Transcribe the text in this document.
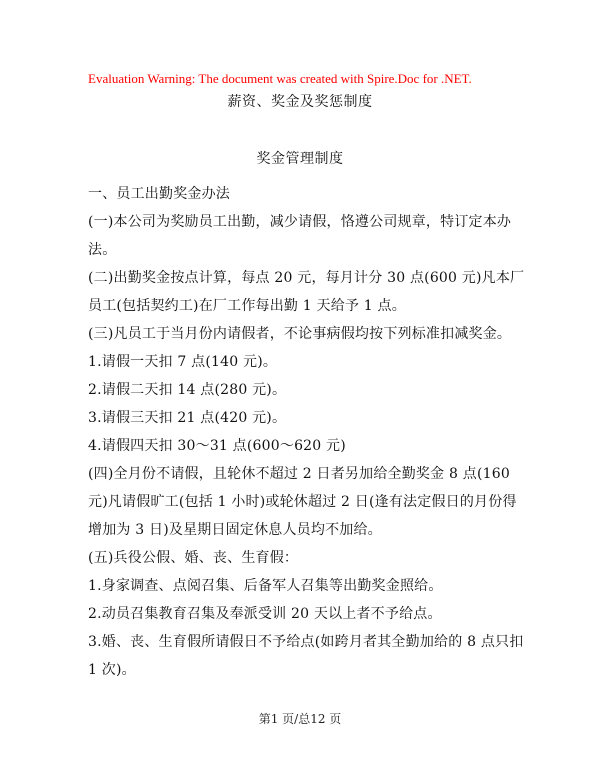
Evaluation Warning: The document was created with Spire.Doc for .NET.
薪资、奖金及奖惩制度
奖金管理制度

一、员工出勤奖金办法

(一)本公司为奖励员工出勤，减少请假，恪遵公司规章，特订定本办法。

(二)出勤奖金按点计算，每点 20 元，每月计分 30 点(600 元)凡本厂员工(包括契约工)在厂工作每出勤 1 天给予 1 点。

(三)凡员工于当月份内请假者，不论事病假均按下列标准扣减奖金。

1.请假一天扣 7 点(140 元)。

2.请假二天扣 14 点(280 元)。

3.请假三天扣 21 点(420 元)。

4.请假四天扣 30～31 点(600～620 元)

(四)全月份不请假，且轮休不超过 2 日者另加给全勤奖金 8 点(160 元)凡请假旷工(包括 1 小时)或轮休超过 2 日(逢有法定假日的月份得增加为 3 日)及星期日固定休息人员均不加给。

(五)兵役公假、婚、丧、生育假：

1.身家调查、点阅召集、后备军人召集等出勤奖金照给。

2.动员召集教育召集及奉派受训 20 天以上者不予给点。

3.婚、丧、生育假所请假日不予给点(如跨月者其全勤加给的 8 点只扣 1 次)。

第1 页/总12 页
